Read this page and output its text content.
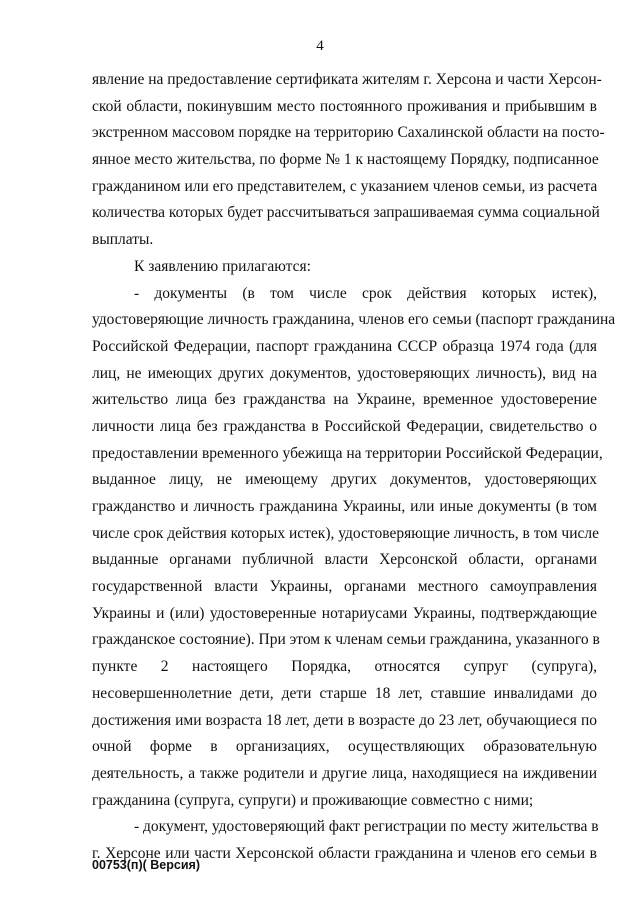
4
явление на предоставление сертификата жителям г. Херсона и части Херсон-
ской области, покинувшим место постоянного проживания и прибывшим в
экстренном массовом порядке на территорию Сахалинской области на посто-
янное место жительства, по форме № 1 к настоящему Порядку, подписанное
гражданином или его представителем, с указанием членов семьи, из расчета
количества которых будет рассчитываться запрашиваемая сумма социальной
выплаты.
К заявлению прилагаются:
- документы (в том числе срок действия которых истек),
удостоверяющие личность гражданина, членов его семьи (паспорт гражданина
Российской Федерации, паспорт гражданина СССР образца 1974 года (для
лиц, не имеющих других документов, удостоверяющих личность), вид на
жительство лица без гражданства на Украине, временное удостоверение
личности лица без гражданства в Российской Федерации, свидетельство о
предоставлении временного убежища на территории Российской Федерации,
выданное лицу, не имеющему других документов, удостоверяющих
гражданство и личность гражданина Украины, или иные документы (в том
числе срок действия которых истек), удостоверяющие личность, в том числе
выданные органами публичной власти Херсонской области, органами
государственной власти Украины, органами местного самоуправления
Украины и (или) удостоверенные нотариусами Украины, подтверждающие
гражданское состояние). При этом к членам семьи гражданина, указанного в
пункте 2 настоящего Порядка, относятся супруг (супруга),
несовершеннолетние дети, дети старше 18 лет, ставшие инвалидами до
достижения ими возраста 18 лет, дети в возрасте до 23 лет, обучающиеся по
очной форме в организациях, осуществляющих образовательную
деятельность, а также родители и другие лица, находящиеся на иждивении
гражданина (супруга, супруги) и проживающие совместно с ними;
- документ, удостоверяющий факт регистрации по месту жительства в
г. Херсоне или части Херсонской области гражданина и членов его семьи в
00753(п)( Версия)
